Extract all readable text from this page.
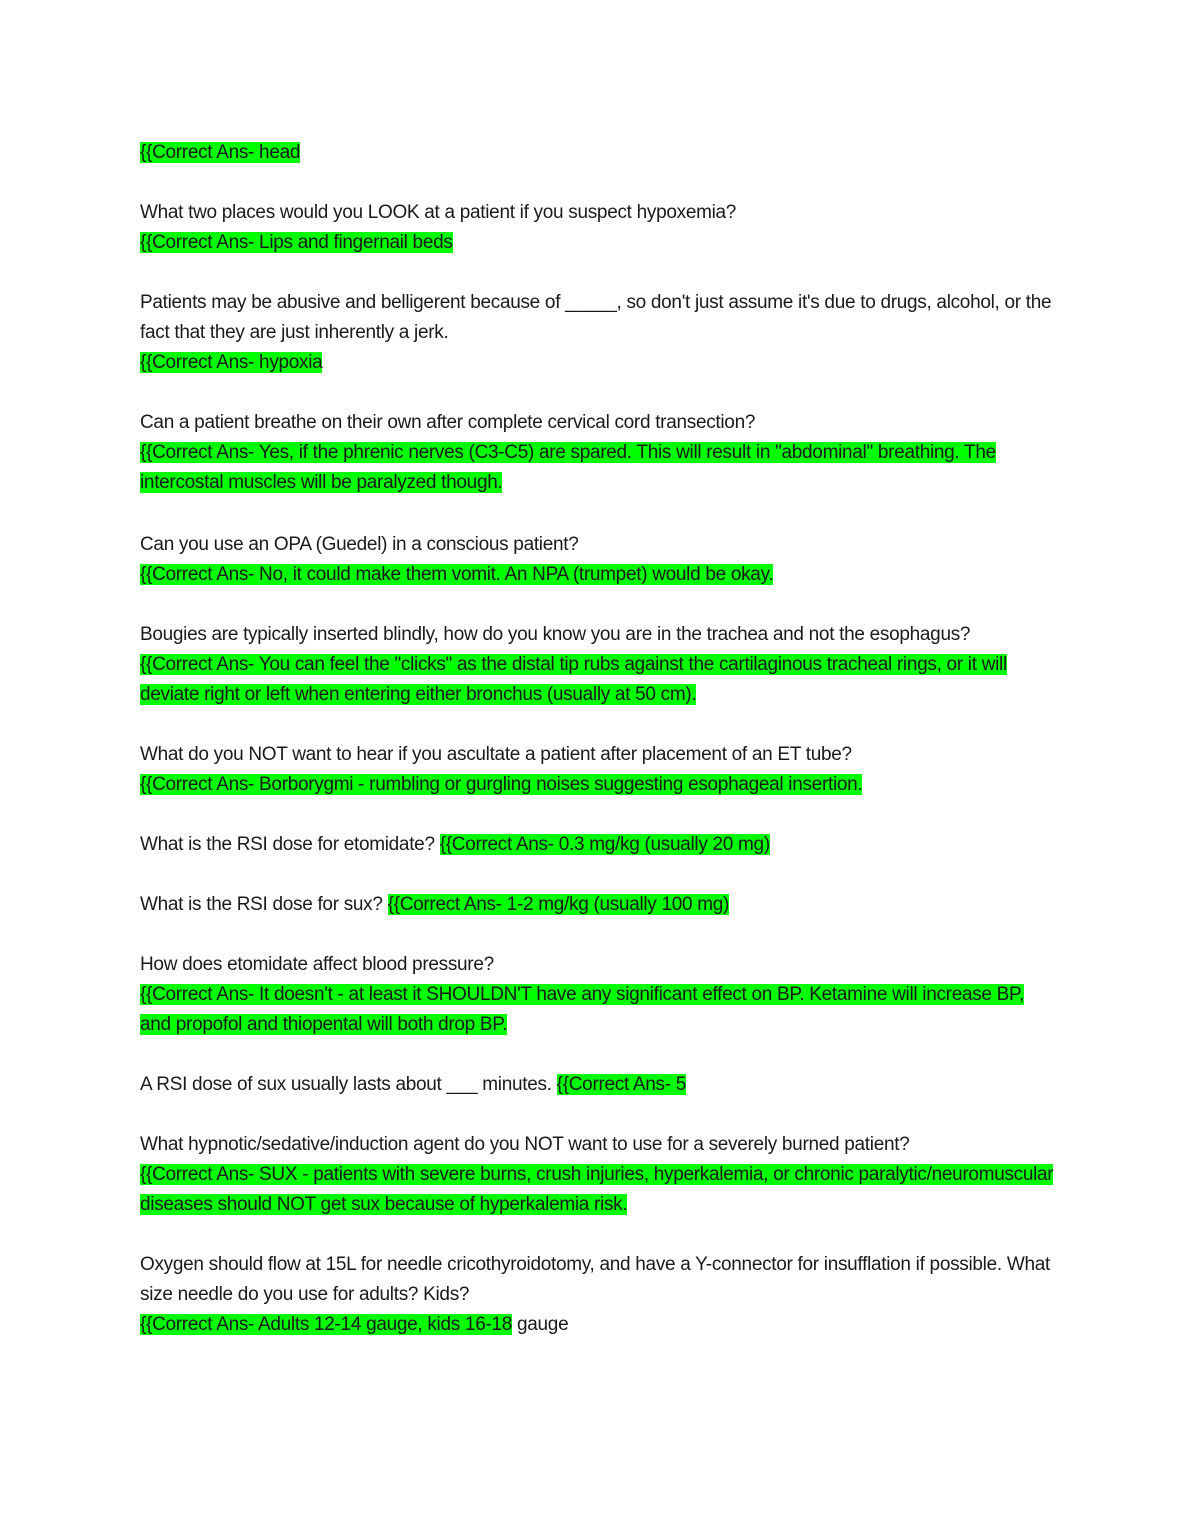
{{Correct Ans- head

What two places would you LOOK at a patient if you suspect hypoxemia?
{{Correct Ans- Lips and fingernail beds

Patients may be abusive and belligerent because of _____, so don't just assume it's due to drugs, alcohol, or the fact that they are just inherently a jerk.
{{Correct Ans- hypoxia

Can a patient breathe on their own after complete cervical cord transection?
{{Correct Ans- Yes, if the phrenic nerves (C3-C5) are spared. This will result in "abdominal" breathing. The intercostal muscles will be paralyzed though.

Can you use an OPA (Guedel) in a conscious patient?
{{Correct Ans- No, it could make them vomit. An NPA (trumpet) would be okay.

Bougies are typically inserted blindly, how do you know you are in the trachea and not the esophagus?
{{Correct Ans- You can feel the "clicks" as the distal tip rubs against the cartilaginous tracheal rings, or it will deviate right or left when entering either bronchus (usually at 50 cm).

What do you NOT want to hear if you ascultate a patient after placement of an ET tube?
{{Correct Ans- Borborygmi - rumbling or gurgling noises suggesting esophageal insertion.

What is the RSI dose for etomidate? {{Correct Ans- 0.3 mg/kg (usually 20 mg)

What is the RSI dose for sux? {{Correct Ans- 1-2 mg/kg (usually 100 mg)

How does etomidate affect blood pressure?
{{Correct Ans- It doesn't - at least it SHOULDN'T have any significant effect on BP. Ketamine will increase BP, and propofol and thiopental will both drop BP.

A RSI dose of sux usually lasts about ___ minutes. {{Correct Ans- 5

What hypnotic/sedative/induction agent do you NOT want to use for a severely burned patient?
{{Correct Ans- SUX - patients with severe burns, crush injuries, hyperkalemia, or chronic paralytic/neuromuscular diseases should NOT get sux because of hyperkalemia risk.

Oxygen should flow at 15L for needle cricothyroidotomy, and have a Y-connector for insufflation if possible. What size needle do you use for adults? Kids?
{{Correct Ans- Adults 12-14 gauge, kids 16-18 gauge
